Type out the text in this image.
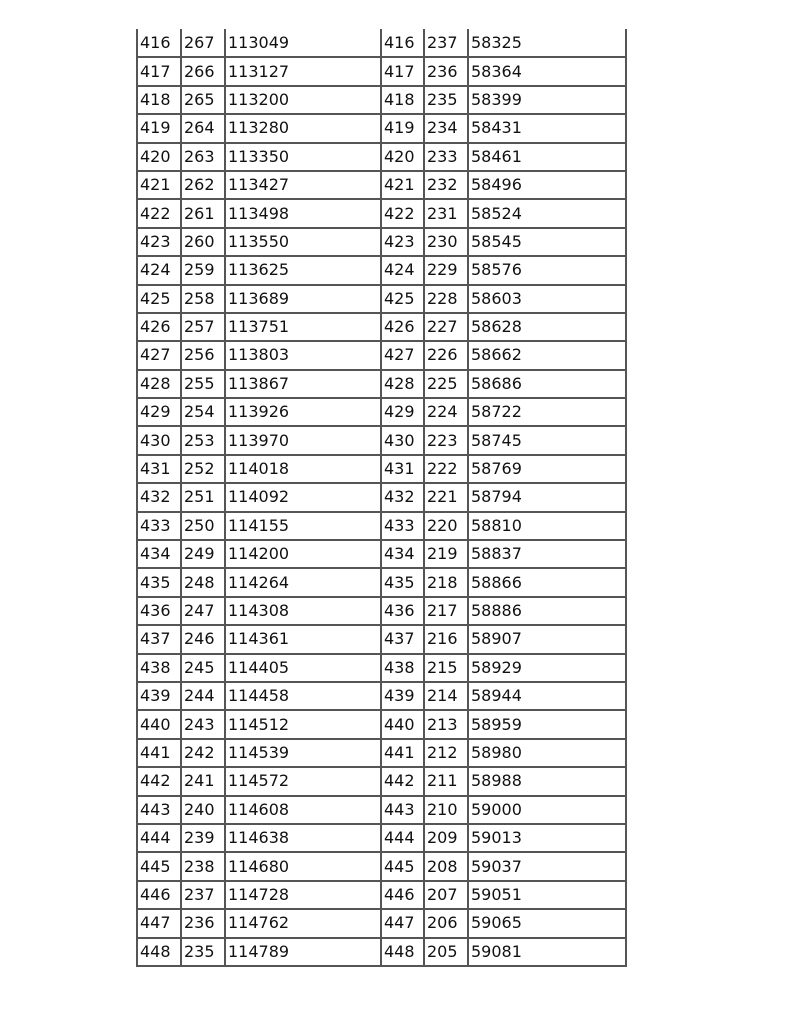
416	267	113049	416	237	58325
417	266	113127	417	236	58364
418	265	113200	418	235	58399
419	264	113280	419	234	58431
420	263	113350	420	233	58461
421	262	113427	421	232	58496
422	261	113498	422	231	58524
423	260	113550	423	230	58545
424	259	113625	424	229	58576
425	258	113689	425	228	58603
426	257	113751	426	227	58628
427	256	113803	427	226	58662
428	255	113867	428	225	58686
429	254	113926	429	224	58722
430	253	113970	430	223	58745
431	252	114018	431	222	58769
432	251	114092	432	221	58794
433	250	114155	433	220	58810
434	249	114200	434	219	58837
435	248	114264	435	218	58866
436	247	114308	436	217	58886
437	246	114361	437	216	58907
438	245	114405	438	215	58929
439	244	114458	439	214	58944
440	243	114512	440	213	58959
441	242	114539	441	212	58980
442	241	114572	442	211	58988
443	240	114608	443	210	59000
444	239	114638	444	209	59013
445	238	114680	445	208	59037
446	237	114728	446	207	59051
447	236	114762	447	206	59065
448	235	114789	448	205	59081
